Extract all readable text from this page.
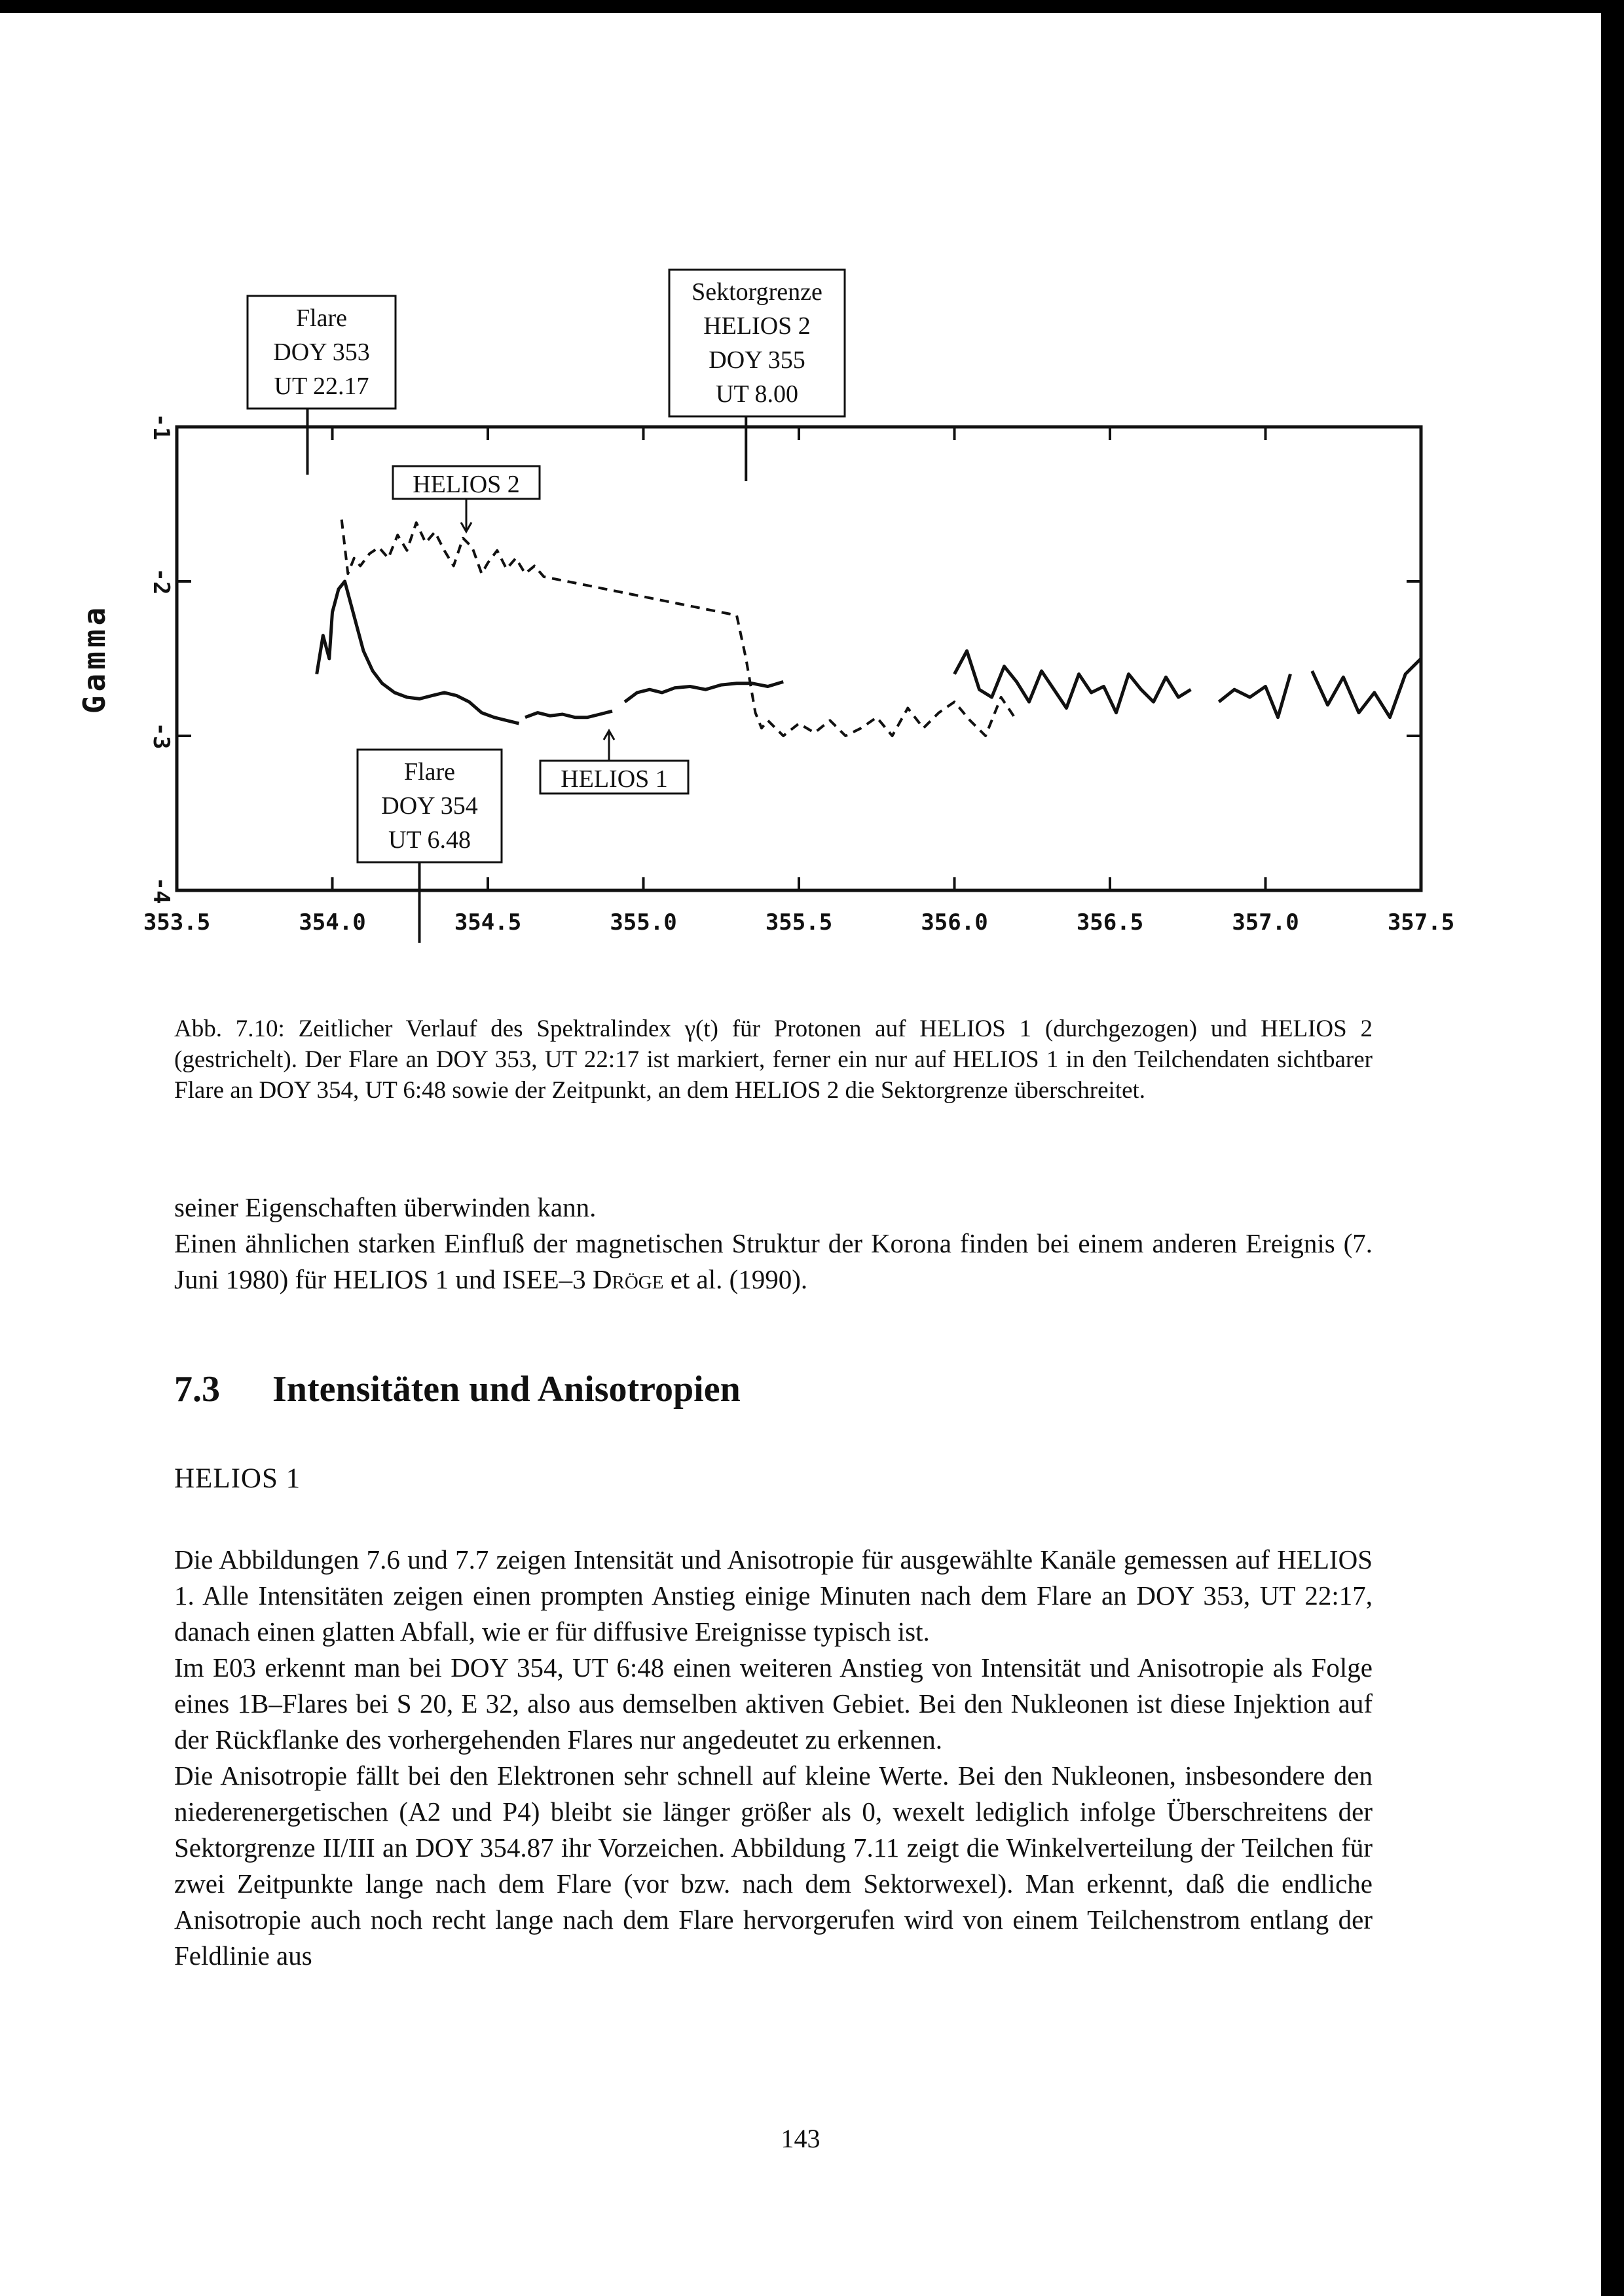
353.5	354.0	354.5	355.0	355.5	356.0	356.5	357.0	357.5
-1
-2
-3
-4
Gamma
Flare
DOY 353
UT 22.17
Sektorgrenze
HELIOS 2
DOY 355
UT 8.00
Flare
DOY 354
UT 6.48
HELIOS 2
HELIOS 1
Abb. 7.10: Zeitlicher Verlauf des Spektralindex γ(t) für Protonen auf HELIOS 1 (durchgezogen) und HELIOS 2 (gestrichelt). Der Flare an DOY 353, UT 22:17 ist markiert, ferner ein nur auf HELIOS 1 in den Teilchendaten sichtbarer Flare an DOY 354, UT 6:48 sowie der Zeitpunkt, an dem HELIOS 2 die Sektorgrenze überschreitet.

seiner Eigenschaften überwinden kann.

Einen ähnlichen starken Einfluß der magnetischen Struktur der Korona finden bei einem anderen Ereignis (7. Juni 1980) für HELIOS 1 und ISEE–3 Dröge et al. (1990).

7.3 Intensitäten und Anisotropien
HELIOS 1

Die Abbildungen 7.6 und 7.7 zeigen Intensität und Anisotropie für ausgewählte Kanäle gemessen auf HELIOS 1. Alle Intensitäten zeigen einen prompten Anstieg einige Minuten nach dem Flare an DOY 353, UT 22:17, danach einen glatten Abfall, wie er für diffusive Ereignisse typisch ist.

Im E03 erkennt man bei DOY 354, UT 6:48 einen weiteren Anstieg von Intensität und Anisotropie als Folge eines 1B–Flares bei S 20, E 32, also aus demselben aktiven Gebiet. Bei den Nukleonen ist diese Injektion auf der Rückflanke des vorhergehenden Flares nur angedeutet zu erkennen.

Die Anisotropie fällt bei den Elektronen sehr schnell auf kleine Werte. Bei den Nukleonen, insbesondere den niederenergetischen (A2 und P4) bleibt sie länger größer als 0, wexelt lediglich infolge Überschreitens der Sektorgrenze II/III an DOY 354.87 ihr Vorzeichen. Abbildung 7.11 zeigt die Winkelverteilung der Teilchen für zwei Zeitpunkte lange nach dem Flare (vor bzw. nach dem Sektorwexel). Man erkennt, daß die endliche Anisotropie auch noch recht lange nach dem Flare hervorgerufen wird von einem Teilchenstrom entlang der Feldlinie aus

143
